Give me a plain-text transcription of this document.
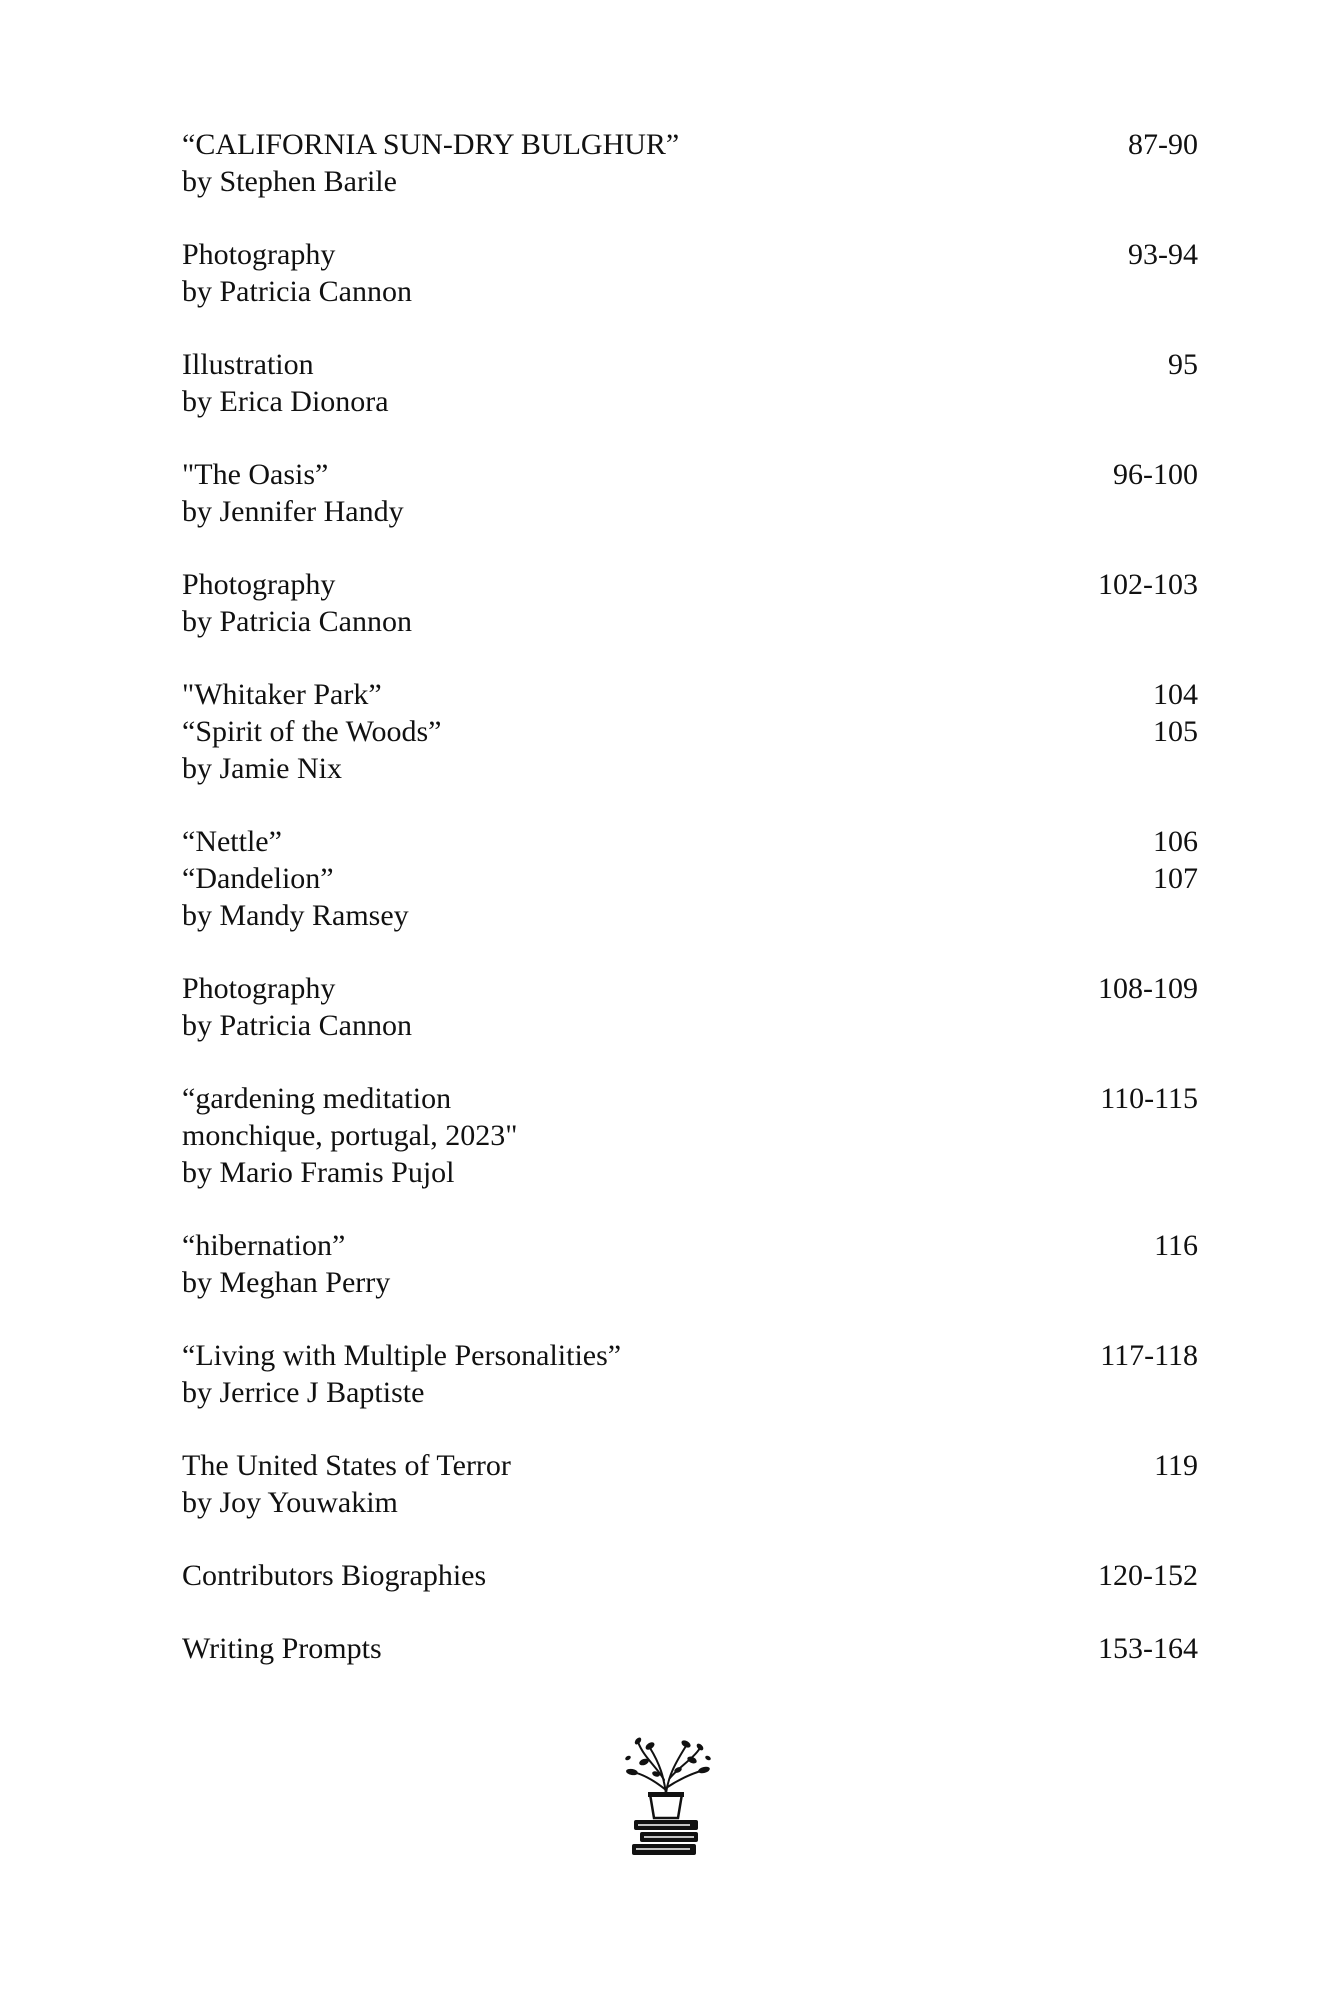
“CALIFORNIA SUN-DRY BULGHUR”
by Stephen Barile
87-90
Photography
by Patricia Cannon
93-94
Illustration
by Erica Dionora
95
"The Oasis”
by Jennifer Handy
96-100
Photography
by Patricia Cannon
102-103
"Whitaker Park”
“Spirit of the Woods”
by Jamie Nix
104
105
“Nettle”
“Dandelion”
by Mandy Ramsey
106
107
Photography
by Patricia Cannon
108-109
“gardening meditation
monchique, portugal, 2023"
by Mario Framis Pujol
110-115
“hibernation”
by Meghan Perry
116
“Living with Multiple Personalities”
by Jerrice J Baptiste
117-118
The United States of Terror
by Joy Youwakim
119
Contributors Biographies	120-152
Writing Prompts	153-164
